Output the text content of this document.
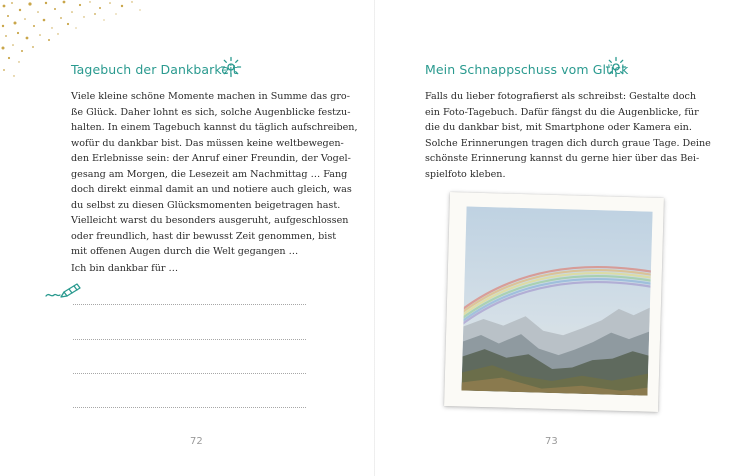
Tagebuch der Dankbarkeit
Viele kleine schöne Momente machen in Summe das gro-
ße Glück. Daher lohnt es sich, solche Augenblicke festzu-
halten. In einem Tagebuch kannst du täglich aufschreiben,
wofür du dankbar bist. Das müssen keine weltbewegen-
den Erlebnisse sein: der Anruf einer Freundin, der Vogel-
gesang am Morgen, die Lesezeit am Nachmittag … Fang
doch direkt einmal damit an und notiere auch gleich, was
du selbst zu diesen Glücksmomenten beigetragen hast.
Vielleicht warst du besonders ausgeruht, aufgeschlossen
oder freundlich, hast dir bewusst Zeit genommen, bist
mit offenen Augen durch die Welt gegangen …
Ich bin dankbar für …
72
Mein Schnappschuss vom Glück
Falls du lieber fotografierst als schreibst: Gestalte doch
ein Foto-Tagebuch. Dafür fängst du die Augenblicke, für
die du dankbar bist, mit Smartphone oder Kamera ein.
Solche Erinnerungen tragen dich durch graue Tage. Deine
schönste Erinnerung kannst du gerne hier über das Bei-
spielfoto kleben.
73
